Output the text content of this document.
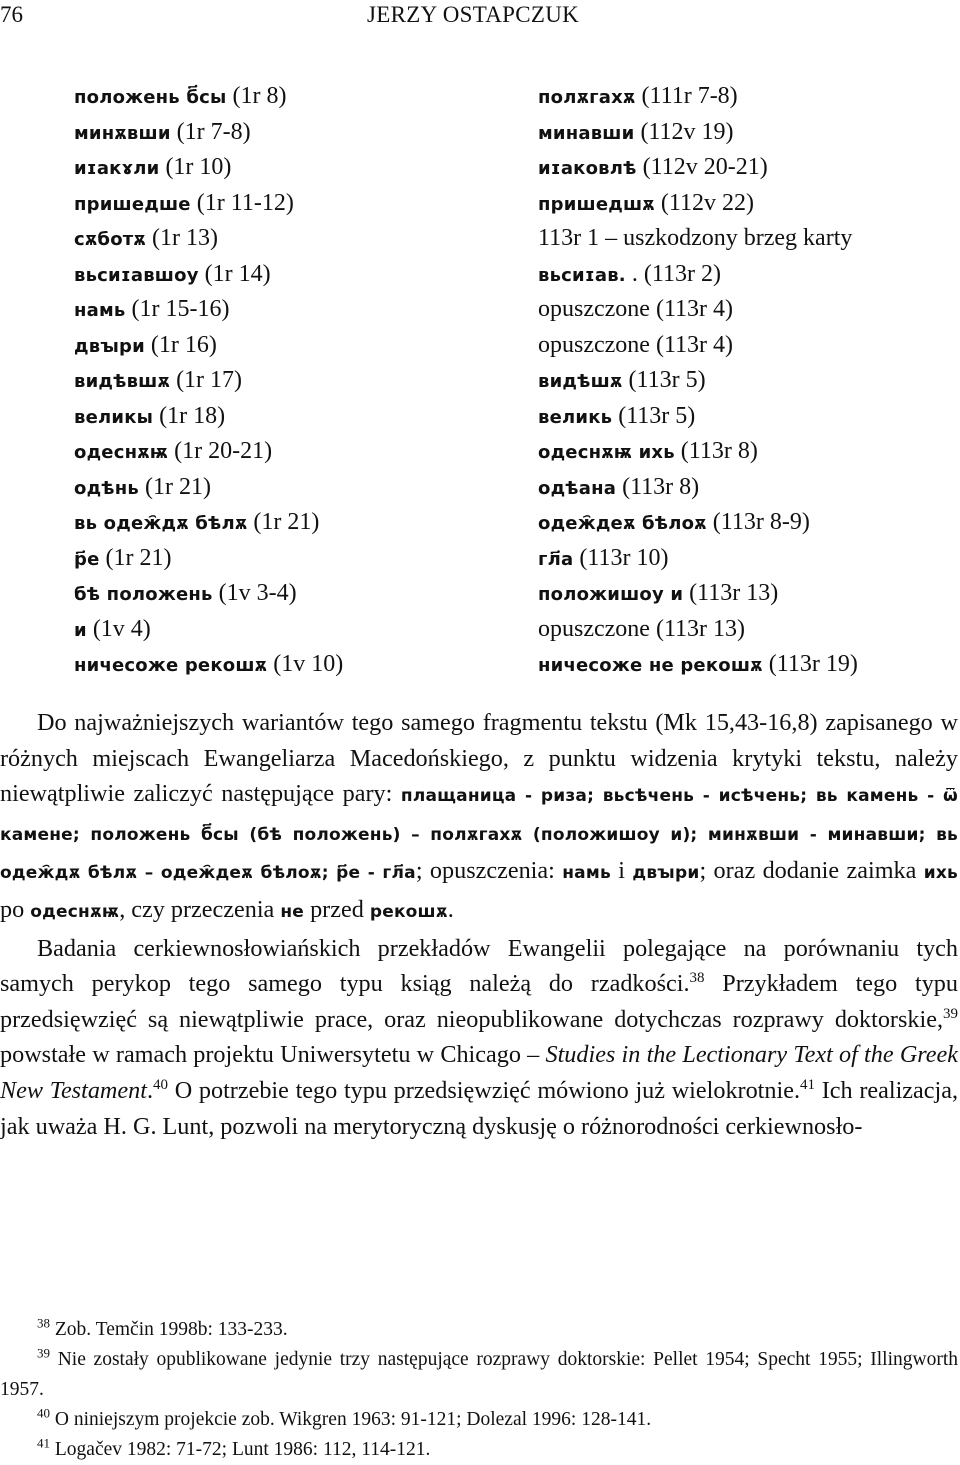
76	JERZY OSTAPCZUK
положень б҃сы (1r 8)	полѫгахѫ (111r 7-8)
минѫвши (1r 7-8)	минавши (112v 19)
иɪакɤли (1r 10)	иɪаковлѣ (112v 20-21)
пришедше (1r 11-12)	пришедшѫ (112v 22)
сѫботѫ (1r 13)	113r 1 – uszkodzony brzeg karty
вьсиɪавшоу (1r 14)	вьсиɪав. . (113r 2)
намь (1r 15-16)	opuszczone (113r 4)
двꙑри (1r 16)	opuszczone (113r 4)
видѣвшѫ (1r 17)	видѣшѫ (113r 5)
великы (1r 18)	великь (113r 5)
одеснѫѭ (1r 20-21)	одеснѫѭ ихь (113r 8)
одѣнь (1r 21)	одѣана (113r 8)
вь одеж҄дѫ бѣлѫ (1r 21)	одеж҄деѫ бѣлоѫ (113r 8-9)
р҃е (1r 21)	гл҃а (113r 10)
бѣ положень (1v 3-4)	положишоу и (113r 13)
и (1v 4)	opuszczone (113r 13)
ничесоже рекошѫ (1v 10)	ничесоже не рекошѫ (113r 19)

Do najważniejszych wariantów tego samego fragmentu tekstu (Mk 15,43-16,8) zapisanego w różnych miejscach Ewangeliarza Macedońskiego, z punktu widzenia krytyki tekstu, należy niewątpliwie zaliczyć następujące pary: плащаница - риза; вьсѣчень - исѣчень; вь камень - ѿ камене; положень б҃сы (бѣ положень) – полѫгахѫ (положишоу и); минѫвши - минавши; вь одеж҄дѫ бѣлѫ – одеж҄деѫ бѣлоѫ; р҃е - гл҃а; opuszczenia: намь i двꙑри; oraz dodanie zaimka ихь po одеснѫѭ, czy przeczenia не przed рекошѫ.

Badania cerkiewnosłowiańskich przekładów Ewangelii polegające na porównaniu tych samych perykop tego samego typu ksiąg należą do rzadkości.$^{38}$ Przykładem tego typu przedsięwzięć są niewątpliwie prace, oraz nieopublikowane dotychczas rozprawy doktorskie,$^{39}$ powstałe w ramach projektu Uniwersytetu w Chicago – Studies in the Lectionary Text of the Greek New Testament.$^{40}$ O potrzebie tego typu przedsięwzięć mówiono już wielokrotnie.$^{41}$ Ich realizacja, jak uważa H. G. Lunt, pozwoli na merytoryczną dyskusję o różnorodności cerkiewnosło-

$^{38}$ Zob. Temčin 1998b: 133-233.

$^{39}$ Nie zostały opublikowane jedynie trzy następujące rozprawy doktorskie: Pellet 1954; Specht 1955; Illingworth 1957.

$^{40}$ O niniejszym projekcie zob. Wikgren 1963: 91-121; Dolezal 1996: 128-141.

$^{41}$ Logačev 1982: 71-72; Lunt 1986: 112, 114-121.
